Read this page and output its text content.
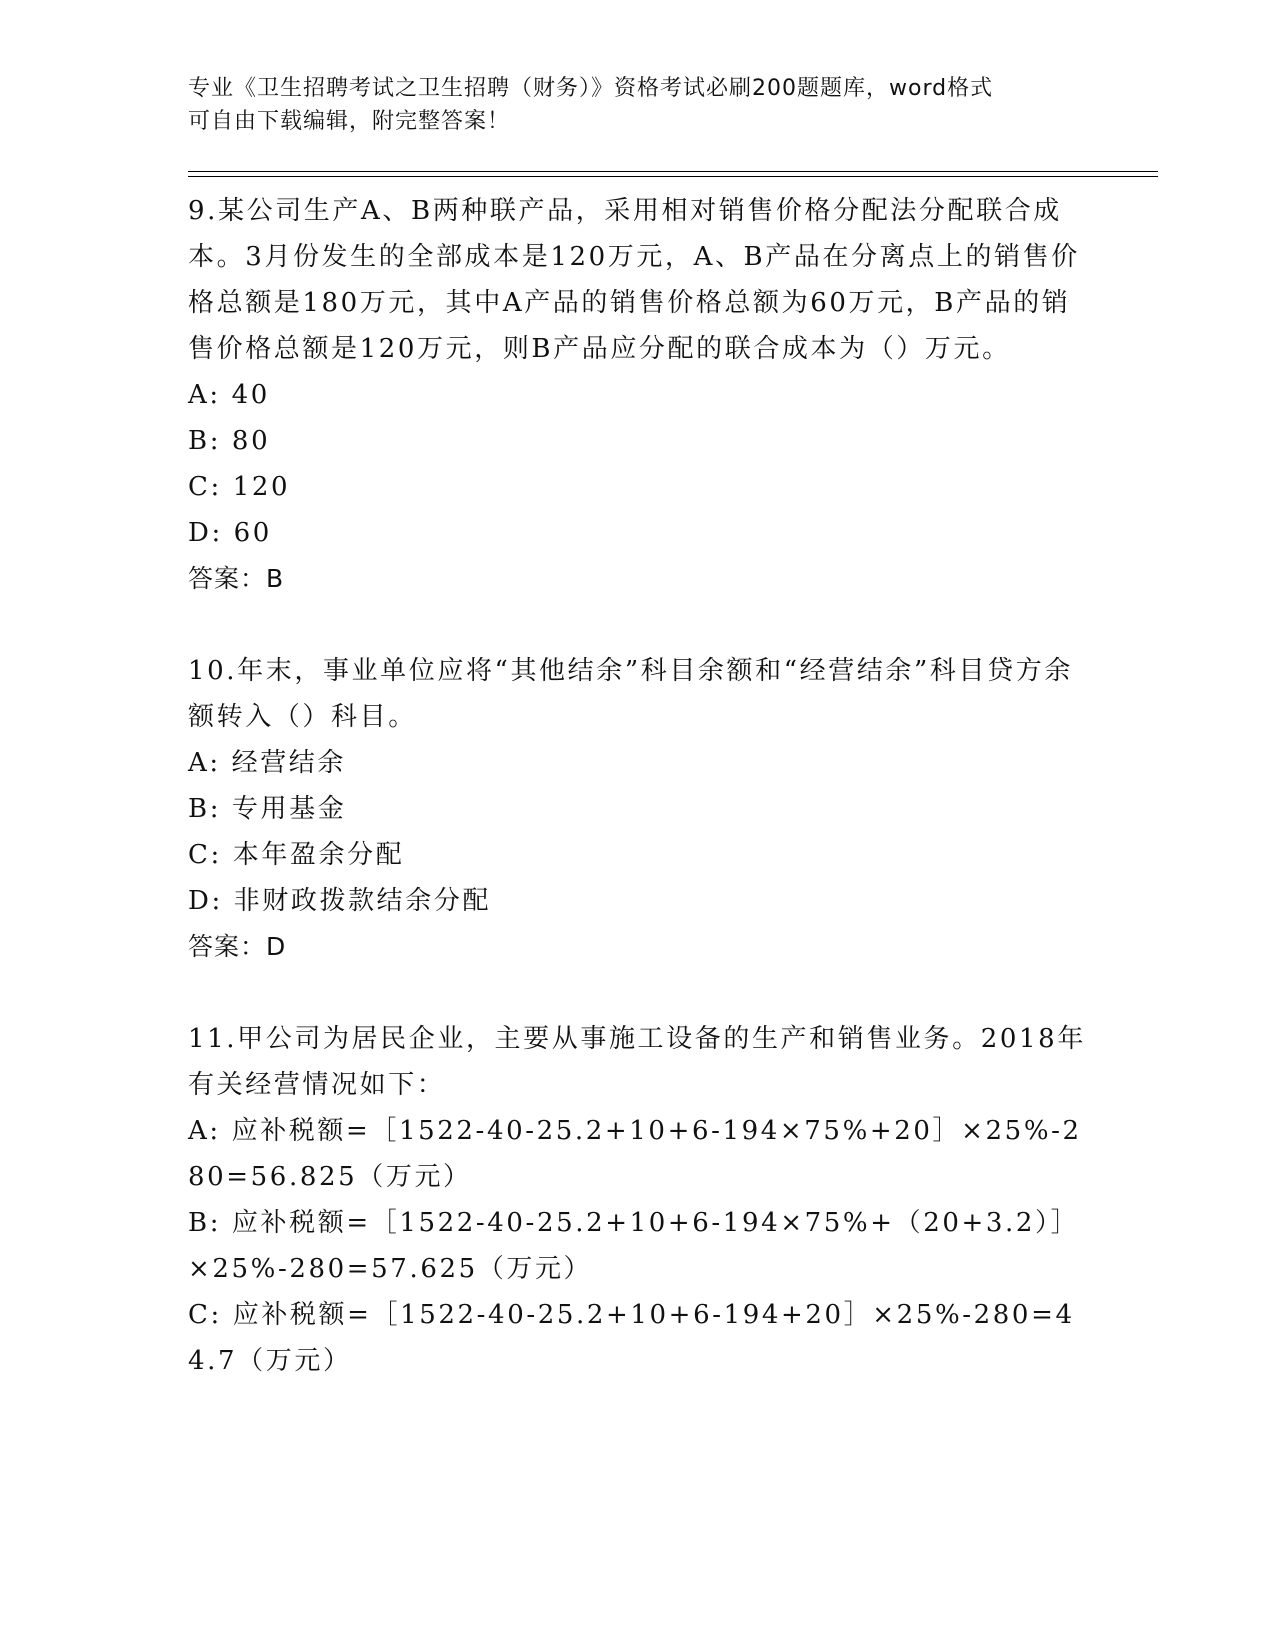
专业《卫生招聘考试之卫生招聘（财务）》资格考试必刷200题题库，word格式
可自由下载编辑，附完整答案！
9.某公司生产A、B两种联产品，采用相对销售价格分配法分配联合成本。3月份发生的全部成本是120万元，A、B产品在分离点上的销售价格总额是180万元，其中A产品的销售价格总额为60万元，B产品的销售价格总额是120万元，则B产品应分配的联合成本为（）万元。
A: 40
B: 80
C: 120
D: 60
答案：B
10.年末，事业单位应将“其他结余”科目余额和“经营结余”科目贷方余额转入（）科目。
A: 经营结余
B: 专用基金
C: 本年盈余分配
D: 非财政拨款结余分配
答案：D
11.甲公司为居民企业，主要从事施工设备的生产和销售业务。2018年有关经营情况如下：
A: 应补税额=［1522-40-25.2+10+6-194×75%+20］×25%-280=56.825（万元）
B: 应补税额=［1522-40-25.2+10+6-194×75%+（20+3.2）］×25%-280=57.625（万元）
C: 应补税额=［1522-40-25.2+10+6-194+20］×25%-280=44.7（万元）
